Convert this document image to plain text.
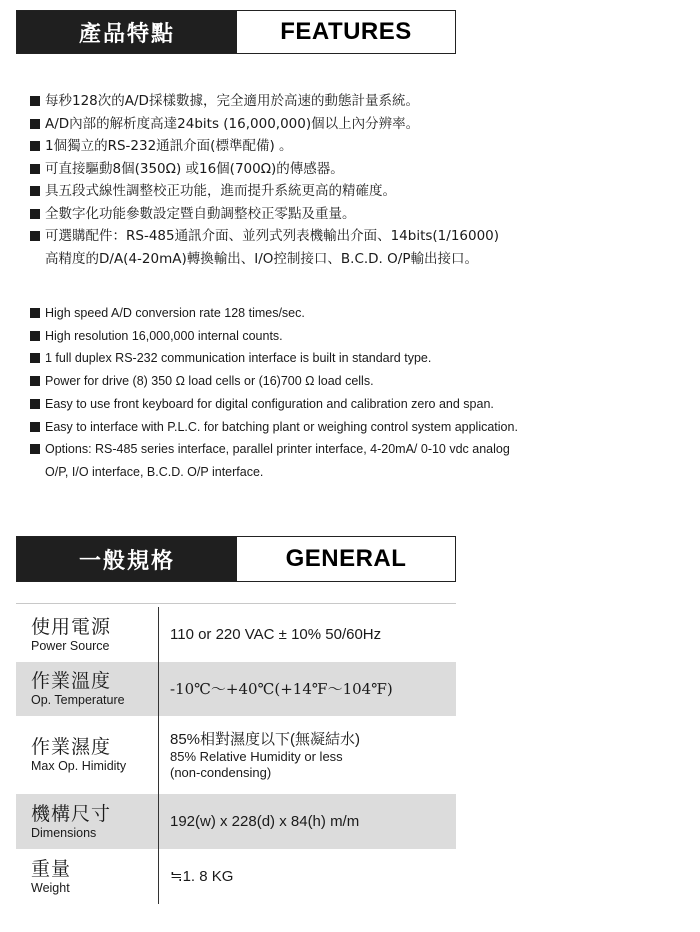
產品特點	FEATURES
每秒128次的A/D採樣數據，完全適用於高速的動態計量系統。
A/D內部的解析度高達24bits (16,000,000)個以上內分辨率。
1個獨立的RS-232通訊介面(標準配備) 。
可直接驅動8個(350Ω) 或16個(700Ω)的傳感器。
具五段式線性調整校正功能，進而提升系統更高的精確度。
全數字化功能參數設定暨自動調整校正零點及重量。
可選購配件：RS-485通訊介面、並列式列表機輸出介面、14bits(1/16000)
高精度的D/A(4-20mA)轉換輸出、I/O控制接口、B.C.D. O/P輸出接口。
High speed A/D conversion rate 128 times/sec.
High resolution 16,000,000 internal counts.
1 full duplex RS-232 communication interface is built in standard type.
Power for drive (8) 350 Ω load cells or (16)700 Ω load cells.
Easy to use front keyboard for digital configuration and calibration zero and span.
Easy to interface with P.L.C. for batching plant or weighing control system application.
Options: RS-485 series interface, parallel printer interface, 4-20mA/ 0-10 vdc analog
O/P, I/O interface, B.C.D. O/P interface.
一般規格	GENERAL
使用電源
Power Source
110 or 220 VAC ± 10% 50/60Hz
作業溫度
Op. Temperature
-10℃～+40℃(+14℉～104℉)
作業濕度
Max Op. Himidity
85%相對濕度以下(無凝結水)
85% Relative Humidity or less
(non-condensing)
機構尺寸
Dimensions
192(w) x 228(d) x 84(h) m/m
重量
Weight
≒1. 8 KG
